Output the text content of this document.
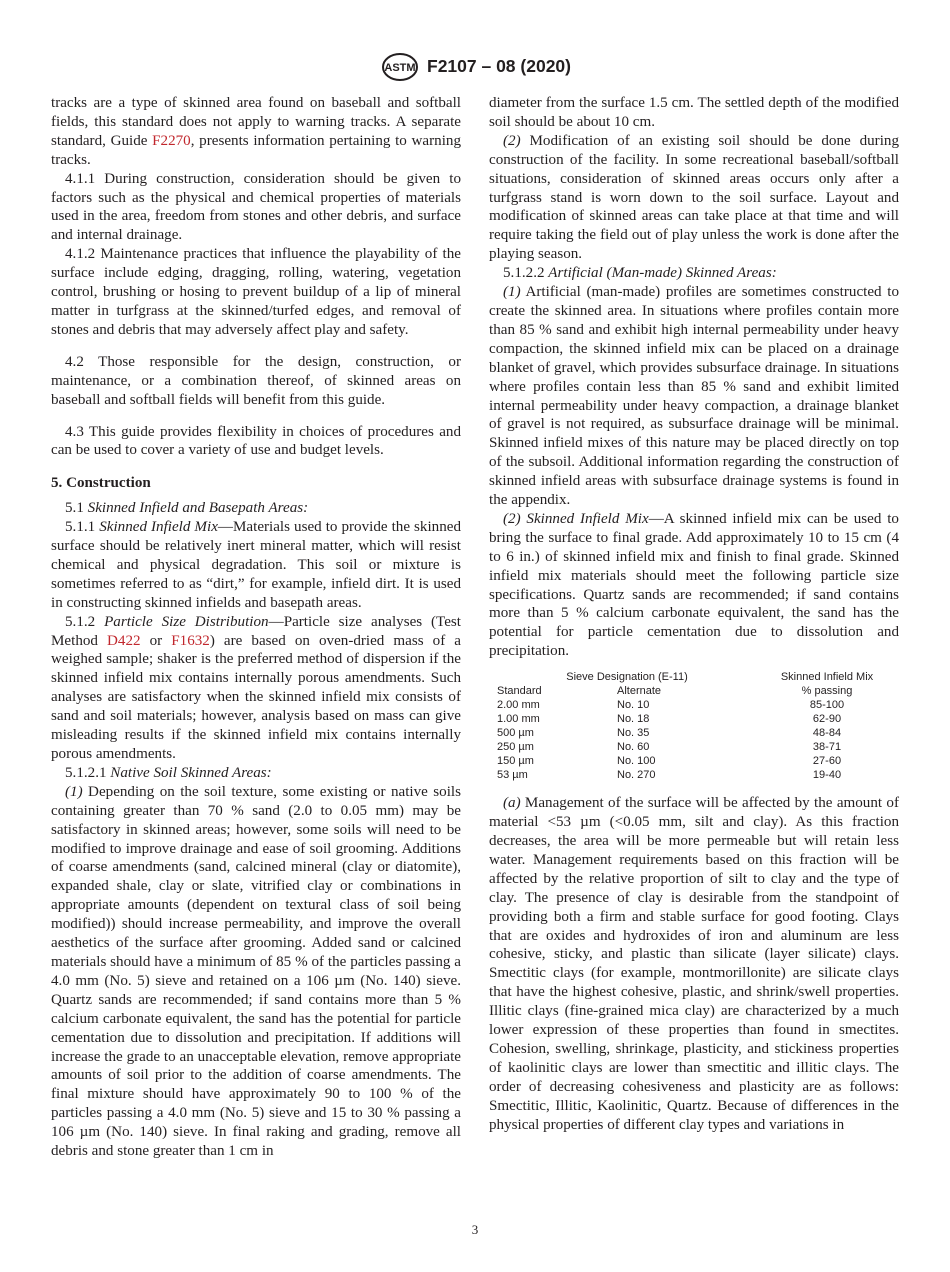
ASTM F2107 – 08 (2020)

tracks are a type of skinned area found on baseball and softball fields, this standard does not apply to warning tracks. A separate standard, Guide F2270, presents information pertaining to warning tracks.

4.1.1 During construction, consideration should be given to factors such as the physical and chemical properties of materials used in the area, freedom from stones and other debris, and surface and internal drainage.

4.1.2 Maintenance practices that influence the playability of the surface include edging, dragging, rolling, watering, vegetation control, brushing or hosing to prevent buildup of a lip of mineral matter in turfgrass at the skinned/turfed edges, and removal of stones and debris that may adversely affect play and safety.

4.2 Those responsible for the design, construction, or maintenance, or a combination thereof, of skinned areas on baseball and softball fields will benefit from this guide.

4.3 This guide provides flexibility in choices of procedures and can be used to cover a variety of use and budget levels.

5. Construction

5.1 Skinned Infield and Basepath Areas:

5.1.1 Skinned Infield Mix—Materials used to provide the skinned surface should be relatively inert mineral matter, which will resist chemical and physical degradation. This soil or mixture is sometimes referred to as “dirt,” for example, infield dirt. It is used in constructing skinned infields and basepath areas.

5.1.2 Particle Size Distribution—Particle size analyses (Test Method D422 or F1632) are based on oven-dried mass of a weighed sample; shaker is the preferred method of dispersion if the skinned infield mix contains internally porous amendments. Such analyses are satisfactory when the skinned infield mix consists of sand and soil materials; however, analysis based on mass can give misleading results if the skinned infield mix contains internally porous amendments.

5.1.2.1 Native Soil Skinned Areas:

(1) Depending on the soil texture, some existing or native soils containing greater than 70 % sand (2.0 to 0.05 mm) may be satisfactory in skinned areas; however, some soils will need to be modified to improve drainage and ease of soil grooming. Additions of coarse amendments (sand, calcined mineral (clay or diatomite), expanded shale, clay or slate, vitrified clay or combinations in appropriate amounts (dependent on textural class of soil being modified)) should increase permeability, and improve the overall aesthetics of the surface after grooming. Added sand or calcined materials should have a minimum of 85 % of the particles passing a 4.0 mm (No. 5) sieve and retained on a 106 µm (No. 140) sieve. Quartz sands are recommended; if sand contains more than 5 % calcium carbonate equivalent, the sand has the potential for particle cementation due to dissolution and precipitation. If additions will increase the grade to an unacceptable elevation, remove appropriate amounts of soil prior to the addition of coarse amendments. The final mixture should have approximately 90 to 100 % of the particles passing a 4.0 mm (No. 5) sieve and 15 to 30 % passing a 106 µm (No. 140) sieve. In final raking and grading, remove all debris and stone greater than 1 cm in

diameter from the surface 1.5 cm. The settled depth of the modified soil should be about 10 cm.

(2) Modification of an existing soil should be done during construction of the facility. In some recreational baseball/softball situations, consideration of skinned areas occurs only after a turfgrass stand is worn down to the soil surface. Layout and modification of skinned areas can take place at that time and will require taking the field out of play unless the work is done after the playing season.

5.1.2.2 Artificial (Man-made) Skinned Areas:

(1) Artificial (man-made) profiles are sometimes constructed to create the skinned area. In situations where profiles contain more than 85 % sand and exhibit high internal permeability under heavy compaction, the skinned infield mix can be placed on a drainage blanket of gravel, which provides subsurface drainage. In situations where profiles contain less than 85 % sand and exhibit limited internal permeability under heavy compaction, a drainage blanket of gravel is not required, as subsurface drainage will be minimal. Skinned infield mixes of this nature may be placed directly on top of the subsoil. Additional information regarding the construction of skinned infield areas with subsurface drainage systems is found in the appendix.

(2) Skinned Infield Mix—A skinned infield mix can be used to bring the surface to final grade. Add approximately 10 to 15 cm (4 to 6 in.) of skinned infield mix and finish to final grade. Skinned infield mix materials should meet the following particle size specifications. Quartz sands are recommended; if sand contains more than 5 % calcium carbonate equivalent, the sand has the potential for particle cementation due to dissolution and precipitation.

Sieve Designation (E-11)		Skinned Infield Mix
Standard	Alternate	% passing
2.00 mm	No. 10	85-100
1.00 mm	No. 18	62-90
500 µm	No. 35	48-84
250 µm	No. 60	38-71
150 µm	No. 100	27-60
53 µm	No. 270	19-40

(a) Management of the surface will be affected by the amount of material <53 µm (<0.05 mm, silt and clay). As this fraction decreases, the area will be more permeable but will retain less water. Management requirements based on this fraction will be affected by the relative proportion of silt to clay and the type of clay. The presence of clay is desirable from the standpoint of providing both a firm and stable surface for good footing. Clays that are oxides and hydroxides of iron and aluminum are less cohesive, sticky, and plastic than silicate (layer silicate) clays. Smectitic clays (for example, montmorillonite) are silicate clays that have the highest cohesive, plastic, and shrink/swell properties. Illitic clays (fine-grained mica clay) are characterized by a much lower expression of these properties than found in smectites. Cohesion, swelling, shrinkage, plasticity, and stickiness properties of kaolinitic clays are lower than smectitic and illitic clays. The order of decreasing cohesiveness and plasticity are as follows: Smectitic, Illitic, Kaolinitic, Quartz. Because of differences in the physical properties of different clay types and variations in

3
